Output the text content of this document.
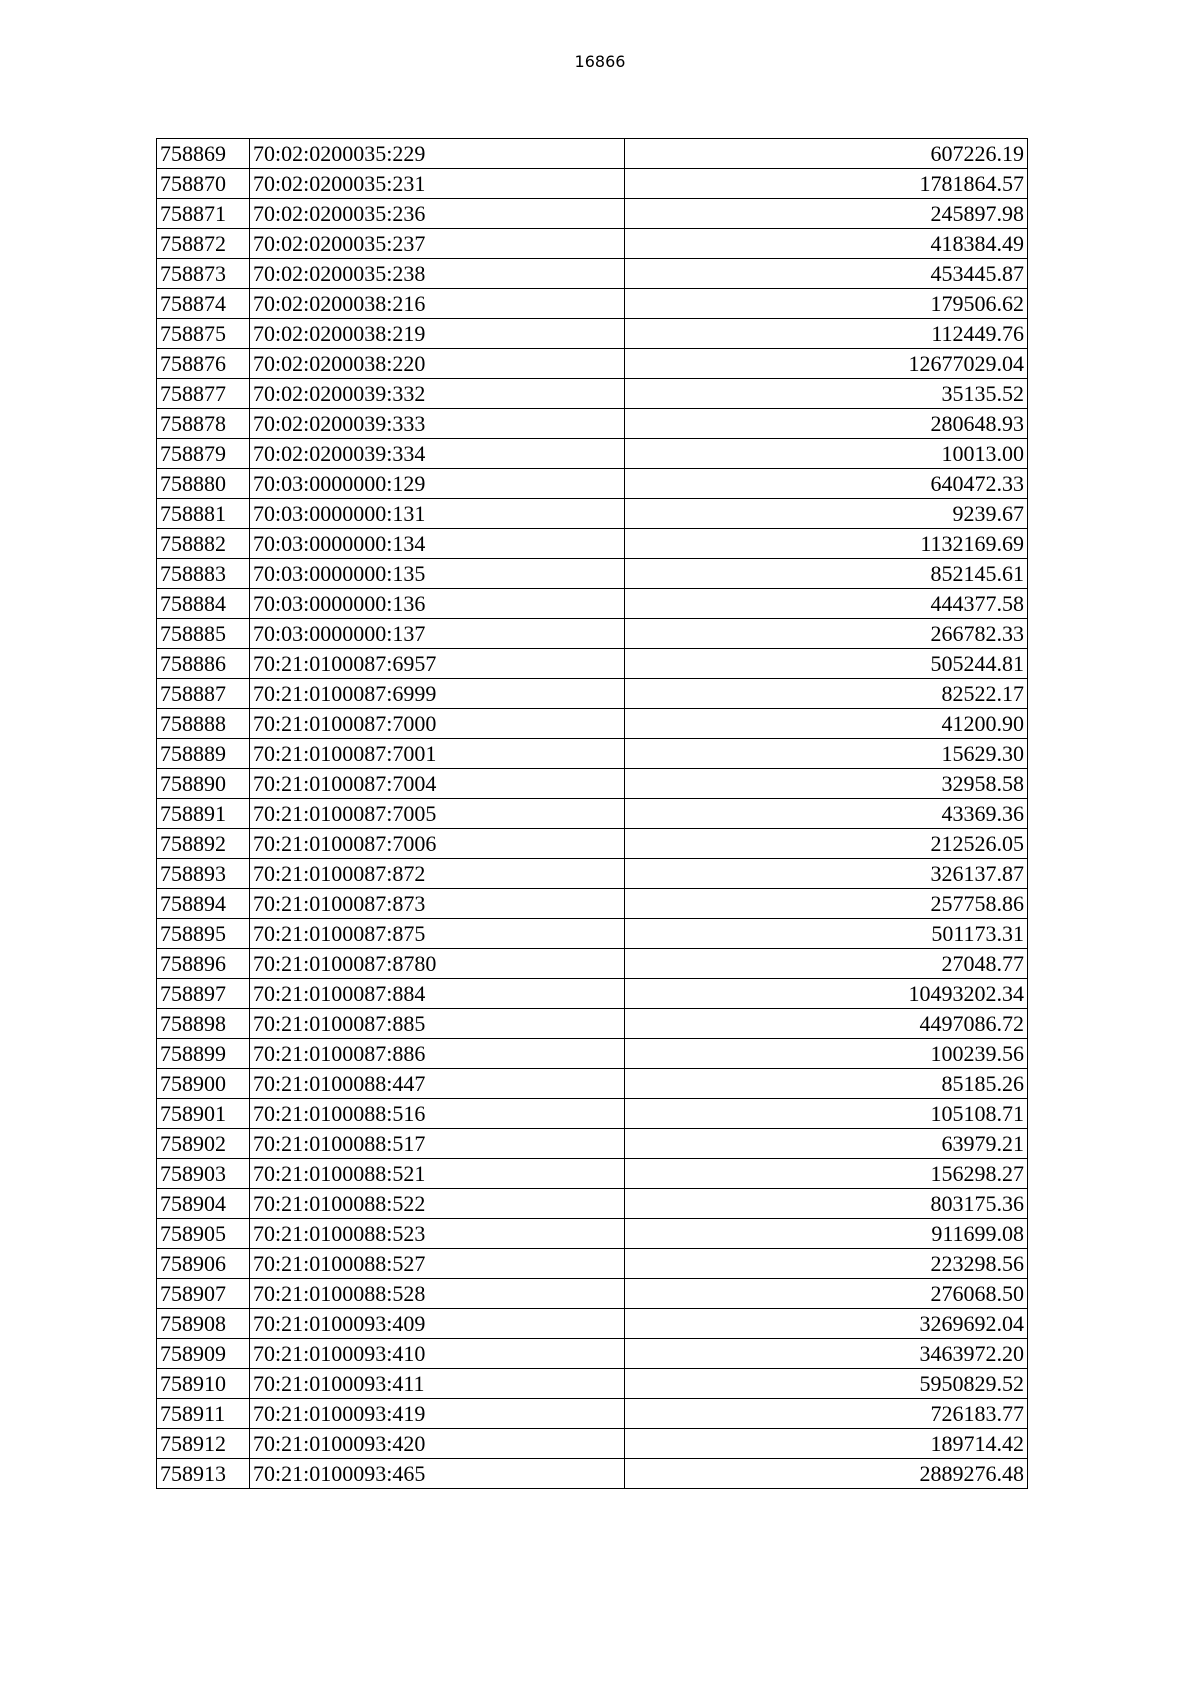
16866
758869	70:02:0200035:229	607226.19
758870	70:02:0200035:231	1781864.57
758871	70:02:0200035:236	245897.98
758872	70:02:0200035:237	418384.49
758873	70:02:0200035:238	453445.87
758874	70:02:0200038:216	179506.62
758875	70:02:0200038:219	112449.76
758876	70:02:0200038:220	12677029.04
758877	70:02:0200039:332	35135.52
758878	70:02:0200039:333	280648.93
758879	70:02:0200039:334	10013.00
758880	70:03:0000000:129	640472.33
758881	70:03:0000000:131	9239.67
758882	70:03:0000000:134	1132169.69
758883	70:03:0000000:135	852145.61
758884	70:03:0000000:136	444377.58
758885	70:03:0000000:137	266782.33
758886	70:21:0100087:6957	505244.81
758887	70:21:0100087:6999	82522.17
758888	70:21:0100087:7000	41200.90
758889	70:21:0100087:7001	15629.30
758890	70:21:0100087:7004	32958.58
758891	70:21:0100087:7005	43369.36
758892	70:21:0100087:7006	212526.05
758893	70:21:0100087:872	326137.87
758894	70:21:0100087:873	257758.86
758895	70:21:0100087:875	501173.31
758896	70:21:0100087:8780	27048.77
758897	70:21:0100087:884	10493202.34
758898	70:21:0100087:885	4497086.72
758899	70:21:0100087:886	100239.56
758900	70:21:0100088:447	85185.26
758901	70:21:0100088:516	105108.71
758902	70:21:0100088:517	63979.21
758903	70:21:0100088:521	156298.27
758904	70:21:0100088:522	803175.36
758905	70:21:0100088:523	911699.08
758906	70:21:0100088:527	223298.56
758907	70:21:0100088:528	276068.50
758908	70:21:0100093:409	3269692.04
758909	70:21:0100093:410	3463972.20
758910	70:21:0100093:411	5950829.52
758911	70:21:0100093:419	726183.77
758912	70:21:0100093:420	189714.42
758913	70:21:0100093:465	2889276.48
